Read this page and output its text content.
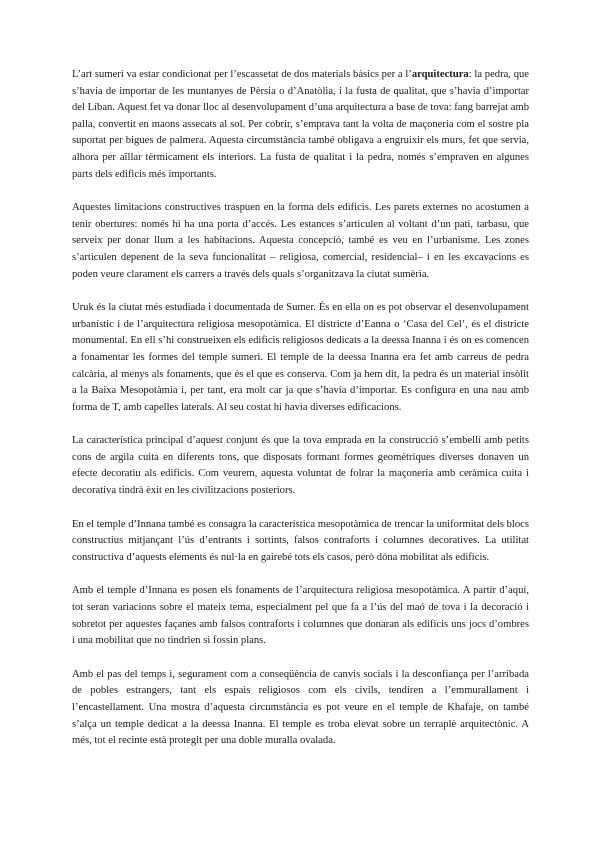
L’art sumeri va estar condicionat per l’escassetat de dos materials bàsics per a l’arquitectura: la pedra, que s’havia de importar de les muntanyes de Pèrsia o d’Anatòlia, i la fusta de qualitat, que s’havia d’importar del Líban. Aquest fet va donar lloc al desenvolupament d’una arquitectura a base de tova: fang barrejat amb palla, convertit en maons assecats al sol. Per cobrir, s’emprava tant la volta de maçoneria com el sostre pla suportat per bigues de palmera. Aquesta circumstància també obligava a engruixir els murs, fet que servia, alhora per aïllar tèrmicament els interiors. La fusta de qualitat i la pedra, només s’empraven en algunes parts dels edificis més importants.

Aquestes limitacions constructives traspuen en la forma dels edificis. Les parets externes no acostumen a tenir obertures: només hi ha una porta d’accés. Les estances s’articulen al voltant d’un pati, tarbasu, que serveix per donar llum a les habitacions. Aquesta concepció, també es veu en l’urbanisme. Les zones s’articulen depenent de la seva funcionalitat – religiosa, comercial, residencial– i en les excavacions es poden veure clarament els carrers a través dels quals s’organitzava la ciutat sumèria.

Uruk és la ciutat més estudiada i documentada de Sumer. És en ella on es pot observar el desenvolupament urbanístic i de l’arquitectura religiosa mesopotàmica. El districte d’Eanna o ‘Casa del Cel’, és el districte monumental. En ell s’hi construeixen els edificis religiosos dedicats a la deessa Inanna i és on es comencen a fonamentar les formes del temple sumeri. El temple de la deessa Inanna era fet amb carreus de pedra calcària, al menys als fonaments, que és el que es conserva. Com ja hem dit, la pedra és un material insòlit a la Baixa Mesopotàmia i, per tant, era molt car ja que s’havia d’importar. Es configura en una nau amb forma de T, amb capelles laterals. Al seu costat hi havia diverses edificacions.

La característica principal d’aquest conjunt és que la tova emprada en la construcció s’embellí amb petits cons de argila cuita en diferents tons, que disposats formant formes geomètriques diverses donaven un efecte decoratiu als edificis. Com veurem, aquesta voluntat de folrar la maçoneria amb ceràmica cuita i decorativa tindrà èxit en les civilitzacions posteriors.

En el temple d’Innana també es consagra la característica mesopotàmica de trencar la uniformitat dels blocs constructius mitjançant l’ús d’entrants i sortints, falsos contraforts i columnes decoratives. La utilitat constructiva d’aquests elements és nul·la en gairebé tots els casos, però dóna mobilitat als edificis.

Amb el temple d’Innana es posen els fonaments de l’arquitectura religiosa mesopotàmica. A partir d’aquí, tot seran variacions sobre el mateix tema, especialment pel que fa a l’ús del maó de tova i la decoració i sobretot per aquestes façanes amb falsos contraforts i columnes que donaran als edificis uns jocs d’ombres i una mobilitat que no tindrien si fossin plans.

Amb el pas del temps i, segurament com a conseqüència de canvis socials i la desconfiança per l’arribada de pobles estrangers, tant els espais religiosos com els civils, tendiren a l’emmurallament i l’encastellament. Una mostra d’aquesta circumstància es pot veure en el temple de Khafaje, on també s’alça un temple dedicat a la deessa Inanna. El temple es troba elevat sobre un terraplè arquitectònic. A més, tot el recinte està protegit per una doble muralla ovalada.
